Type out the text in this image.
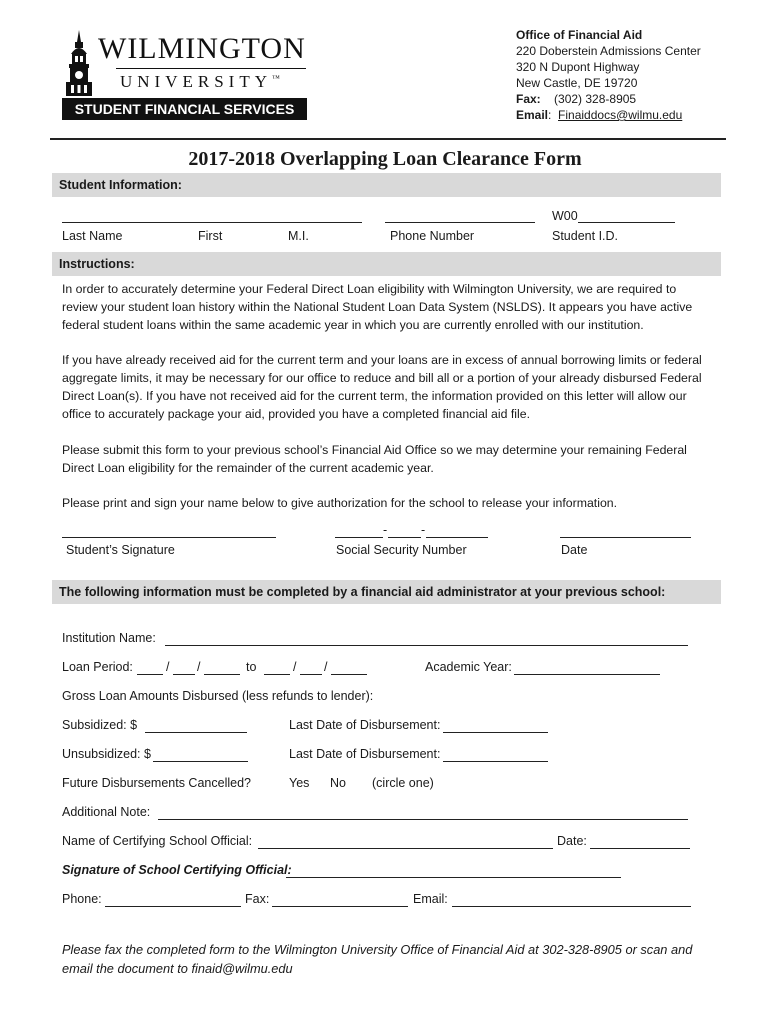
WILMINGTON
UNIVERSITY™
STUDENT FINANCIAL SERVICES
Office of Financial Aid
220 Doberstein Admissions Center
320 N Dupont Highway
New Castle, DE 19720
Fax: (302) 328-8905
Email:  Finaiddocs@wilmu.edu
2017-2018 Overlapping Loan Clearance Form
Student Information:
W00
Last Name	First	M.I.	Phone Number	Student I.D.
Instructions:
In order to accurately determine your Federal Direct Loan eligibility with Wilmington University, we are required to review your student loan history within the National Student Loan Data System (NSLDS). It appears you have active federal student loans within the same academic year in which you are currently enrolled with our institution.
If you have already received aid for the current term and your loans are in excess of annual borrowing limits or federal aggregate limits, it may be necessary for our office to reduce and bill all or a portion of your already disbursed Federal Direct Loan(s). If you have not received aid for the current term, the information provided on this letter will allow our office to accurately package your aid, provided you have a completed financial aid file.
Please submit this form to your previous school’s Financial Aid Office so we may determine your remaining Federal Direct Loan eligibility for the remainder of the current academic year.
Please print and sign your name below to give authorization for the school to release your information.
-	-
Student’s Signature	Social Security Number	Date
The following information must be completed by a financial aid administrator at your previous school:
Institution Name:
Loan Period:	/ /	to	/ /	Academic Year:
Gross Loan Amounts Disbursed (less refunds to lender):
Subsidized: $	Last Date of Disbursement:
Unsubsidized: $	Last Date of Disbursement:
Future Disbursements Cancelled?	Yes No (circle one)
Additional Note:
Name of Certifying School Official:	Date:
Signature of School Certifying Official:
Phone:	Fax:	Email:
Please fax the completed form to the Wilmington University Office of Financial Aid at 302-328-8905 or scan and email the document to finaid@wilmu.edu
